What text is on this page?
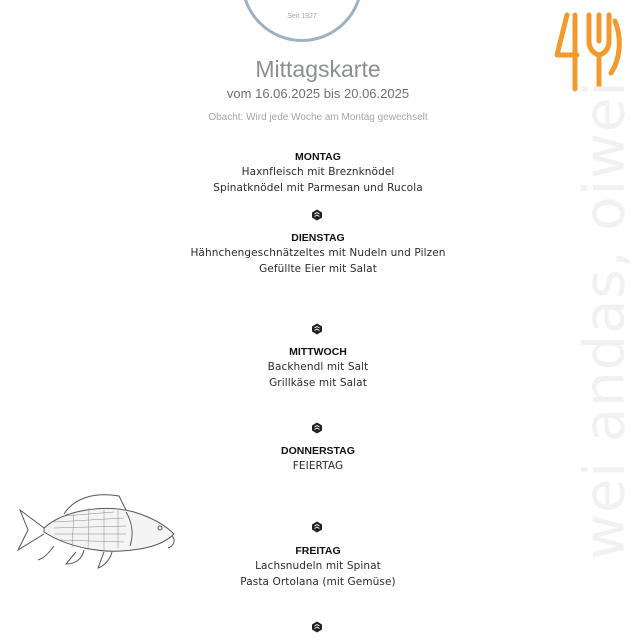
Seit 1927
wei andas, oiwei
Mittagskarte
vom 16.06.2025 bis 20.06.2025
Obacht: Wird jede Woche am Montag gewechselt
MONTAG
Haxnfleisch mit Breznknödel
Spinatknödel mit Parmesan und Rucola
DIENSTAG
Hähnchengeschnätzeltes mit Nudeln und Pilzen
Gefüllte Eier mit Salat
MITTWOCH
Backhendl mit Salt
Grillkäse mit Salat
DONNERSTAG
FEIERTAG
FREITAG
Lachsnudeln mit Spinat
Pasta Ortolana (mit Gemüse)
